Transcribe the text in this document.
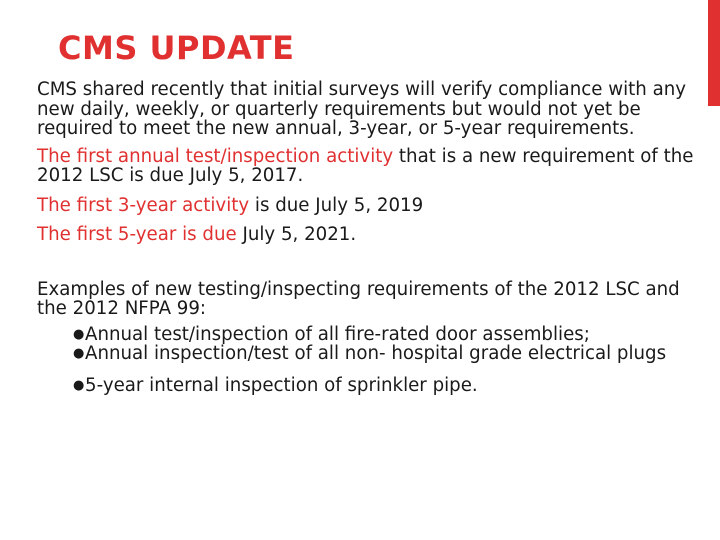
CMS UPDATE

CMS shared recently that initial surveys will verify compliance with any new daily, weekly, or quarterly requirements but would not yet be required to meet the new annual, 3-year, or 5-year requirements.

The first annual test/inspection activity that is a new requirement of the 2012 LSC is due July 5, 2017.

The first 3-year activity is due July 5, 2019

The first 5-year is due July 5, 2021.

Examples of new testing/inspecting requirements of the 2012 LSC and the 2012 NFPA 99:

● Annual test/inspection of all fire-rated door assemblies;
● Annual inspection/test of all non- hospital grade electrical plugs
● 5-year internal inspection of sprinkler pipe.
